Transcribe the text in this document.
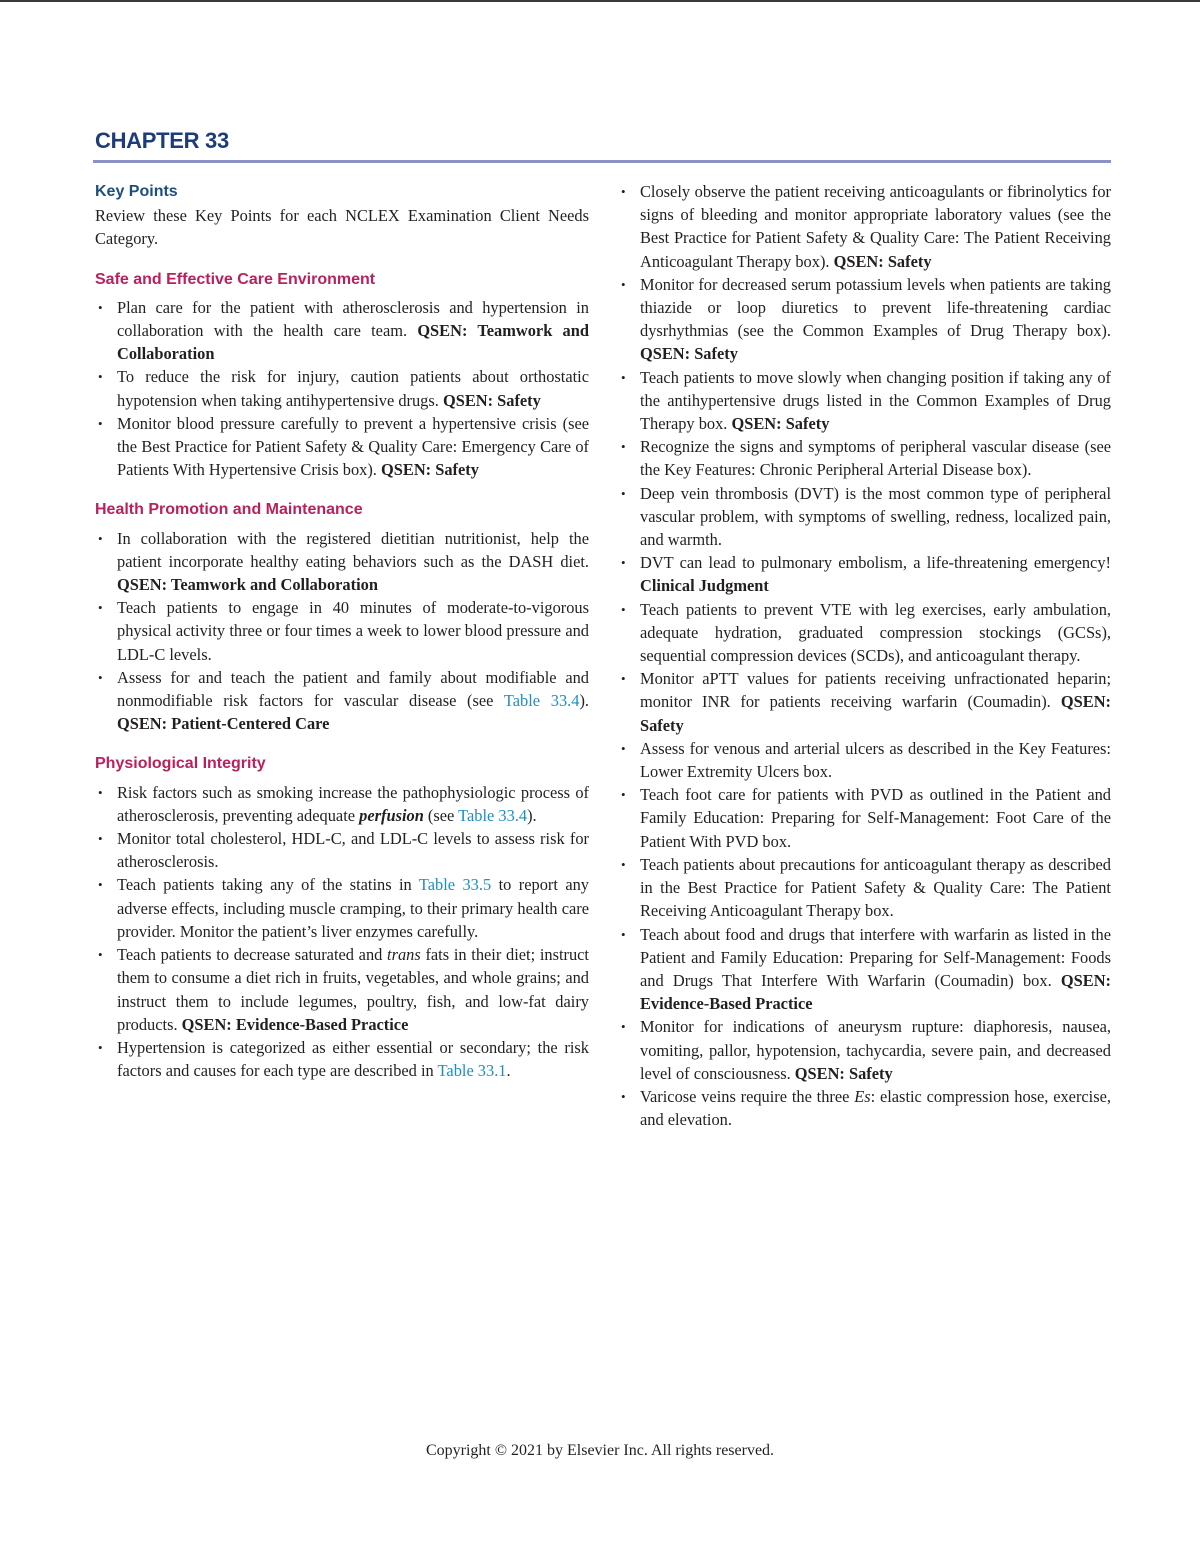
CHAPTER 33
Key Points

Review these Key Points for each NCLEX Examination Client Needs Category.

Safe and Effective Care Environment
• Plan care for the patient with atherosclerosis and hypertension in collaboration with the health care team. QSEN: Teamwork and Collaboration
• To reduce the risk for injury, caution patients about orthostatic hypotension when taking antihypertensive drugs. QSEN: Safety
• Monitor blood pressure carefully to prevent a hypertensive crisis (see the Best Practice for Patient Safety & Quality Care: Emergency Care of Patients With Hypertensive Crisis box). QSEN: Safety
Health Promotion and Maintenance
• In collaboration with the registered dietitian nutritionist, help the patient incorporate healthy eating behaviors such as the DASH diet. QSEN: Teamwork and Collaboration
• Teach patients to engage in 40 minutes of moderate-to-vigorous physical activity three or four times a week to lower blood pressure and LDL-C levels.
• Assess for and teach the patient and family about modifiable and nonmodifiable risk factors for vascular disease (see Table 33.4). QSEN: Patient-Centered Care
Physiological Integrity
• Risk factors such as smoking increase the pathophysiologic process of atherosclerosis, preventing adequate perfusion (see Table 33.4).
• Monitor total cholesterol, HDL-C, and LDL-C levels to assess risk for atherosclerosis.
• Teach patients taking any of the statins in Table 33.5 to report any adverse effects, including muscle cramping, to their primary health care provider. Monitor the patient’s liver enzymes carefully.
• Teach patients to decrease saturated and trans fats in their diet; instruct them to consume a diet rich in fruits, vegetables, and whole grains; and instruct them to include legumes, poultry, fish, and low-fat dairy products. QSEN: Evidence-Based Practice
• Hypertension is categorized as either essential or secondary; the risk factors and causes for each type are described in Table 33.1.
• Closely observe the patient receiving anticoagulants or fibrinolytics for signs of bleeding and monitor appropriate laboratory values (see the Best Practice for Patient Safety & Quality Care: The Patient Receiving Anticoagulant Therapy box). QSEN: Safety
• Monitor for decreased serum potassium levels when patients are taking thiazide or loop diuretics to prevent life-threatening cardiac dysrhythmias (see the Common Examples of Drug Therapy box). QSEN: Safety
• Teach patients to move slowly when changing position if taking any of the antihypertensive drugs listed in the Common Examples of Drug Therapy box. QSEN: Safety
• Recognize the signs and symptoms of peripheral vascular disease (see the Key Features: Chronic Peripheral Arterial Disease box).
• Deep vein thrombosis (DVT) is the most common type of peripheral vascular problem, with symptoms of swelling, redness, localized pain, and warmth.
• DVT can lead to pulmonary embolism, a life-threatening emergency! Clinical Judgment
• Teach patients to prevent VTE with leg exercises, early ambulation, adequate hydration, graduated compression stockings (GCSs), sequential compression devices (SCDs), and anticoagulant therapy.
• Monitor aPTT values for patients receiving unfractionated heparin; monitor INR for patients receiving warfarin (Coumadin). QSEN: Safety
• Assess for venous and arterial ulcers as described in the Key Features: Lower Extremity Ulcers box.
• Teach foot care for patients with PVD as outlined in the Patient and Family Education: Preparing for Self-Management: Foot Care of the Patient With PVD box.
• Teach patients about precautions for anticoagulant therapy as described in the Best Practice for Patient Safety & Quality Care: The Patient Receiving Anticoagulant Therapy box.
• Teach about food and drugs that interfere with warfarin as listed in the Patient and Family Education: Preparing for Self-Management: Foods and Drugs That Interfere With Warfarin (Coumadin) box. QSEN: Evidence-Based Practice
• Monitor for indications of aneurysm rupture: diaphoresis, nausea, vomiting, pallor, hypotension, tachycardia, severe pain, and decreased level of consciousness. QSEN: Safety
• Varicose veins require the three Es: elastic compression hose, exercise, and elevation.
Copyright © 2021 by Elsevier Inc. All rights reserved.
